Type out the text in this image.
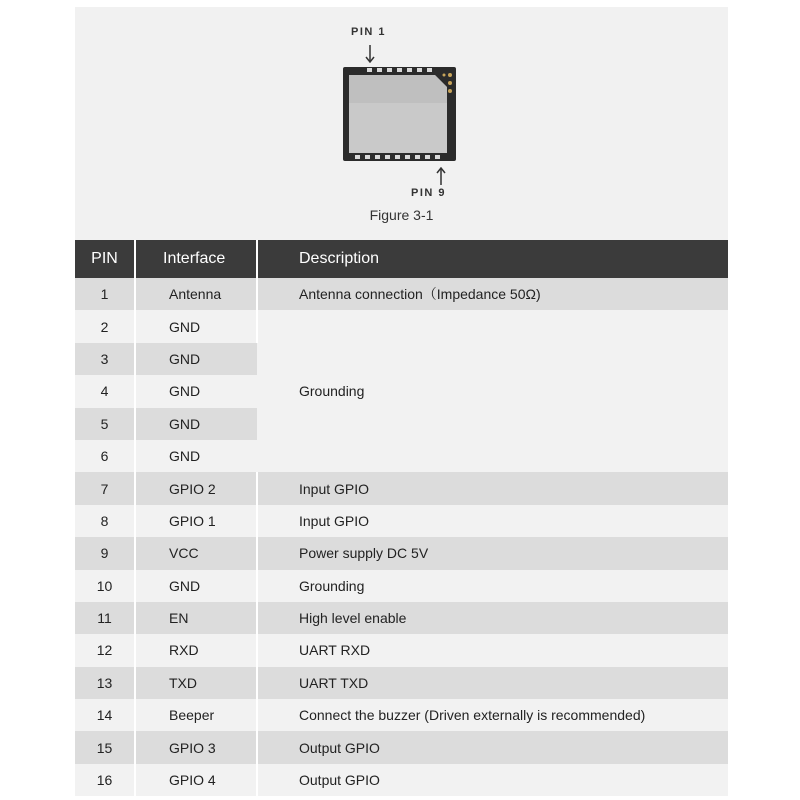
PIN 1
PIN 9
Figure 3-1
PIN	Interface	Description
1	Antenna	Antenna connection（Impedance 50Ω)
2	GND	Grounding
3	GND	
4	GND	
5	GND	
6	GND	
7	GPIO 2	Input GPIO
8	GPIO 1	Input GPIO
9	VCC	Power supply DC 5V
10	GND	Grounding
11	EN	High level enable
12	RXD	UART RXD
13	TXD	UART TXD
14	Beeper	Connect the buzzer (Driven externally is recommended)
15	GPIO 3	Output GPIO
16	GPIO 4	Output GPIO
